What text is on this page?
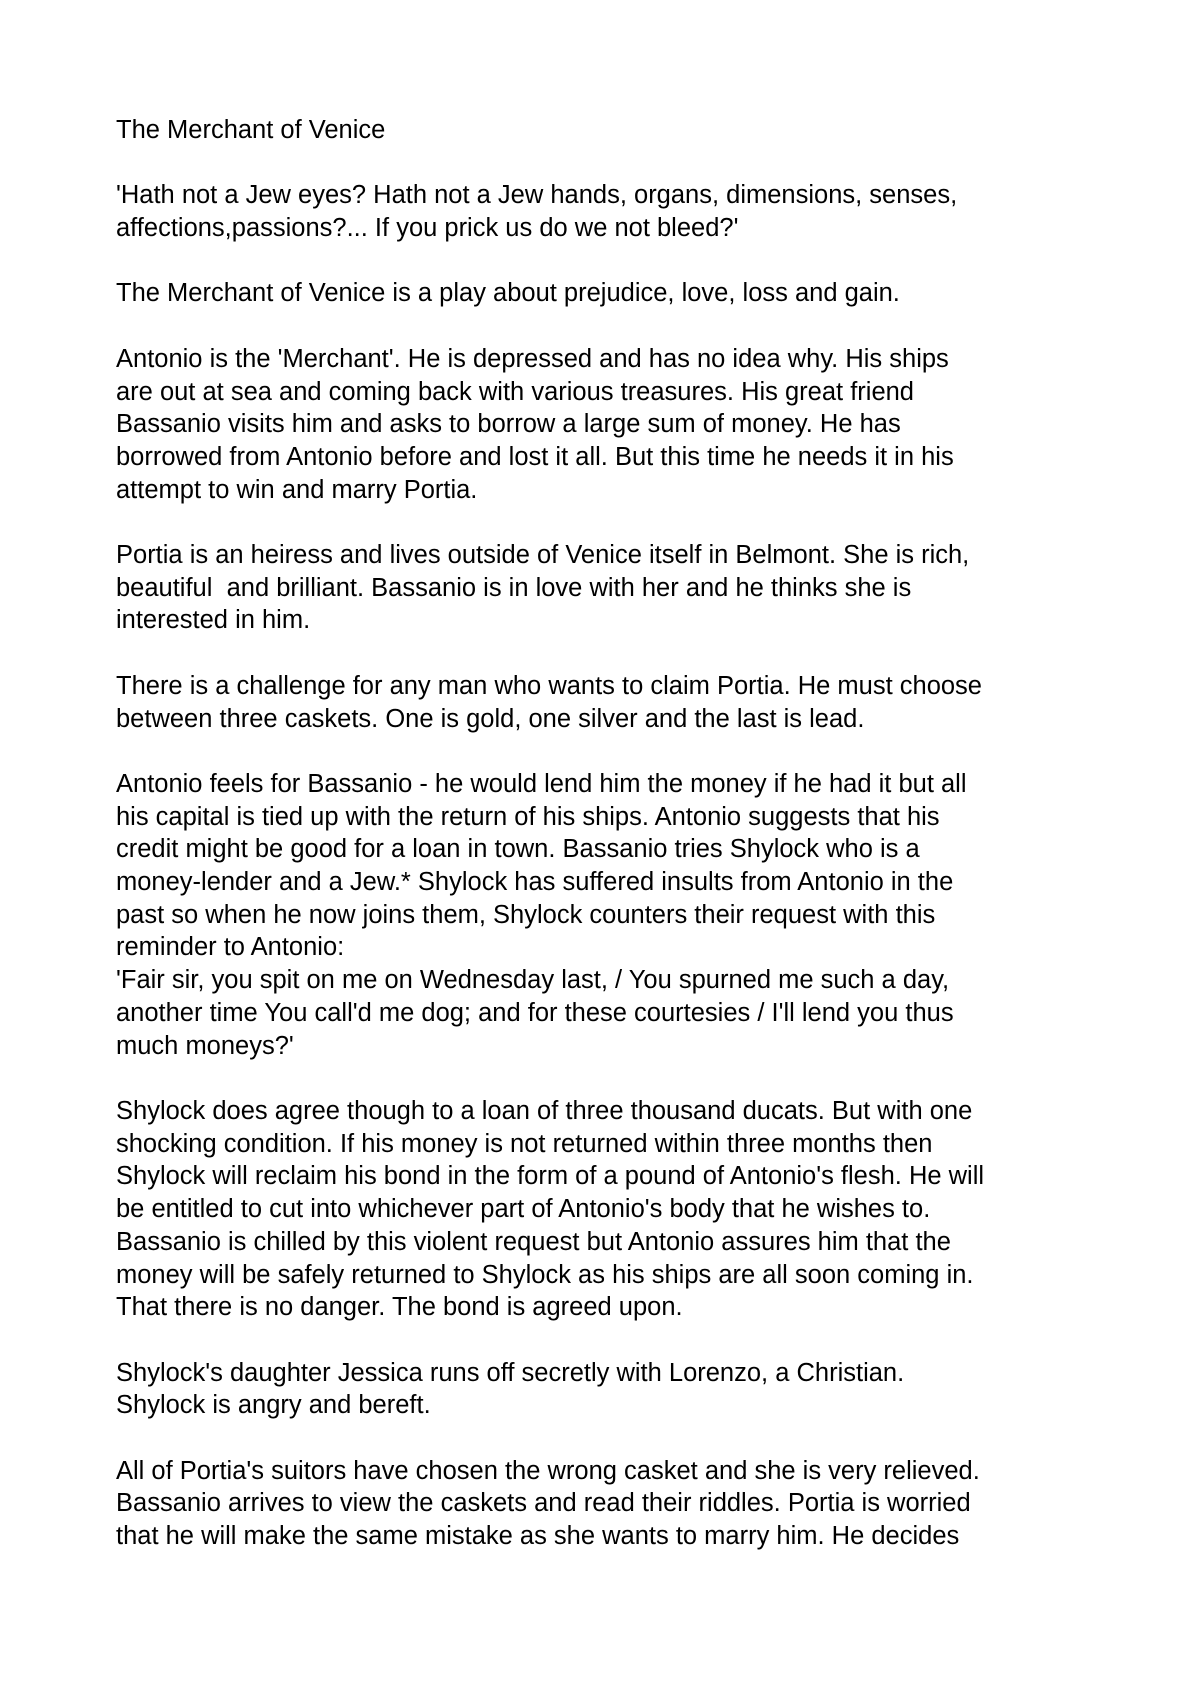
The Merchant of Venice

'Hath not a Jew eyes? Hath not a Jew hands, organs, dimensions, senses,
affections,passions?... If you prick us do we not bleed?'

The Merchant of Venice is a play about prejudice, love, loss and gain.

Antonio is the 'Merchant'. He is depressed and has no idea why. His ships
are out at sea and coming back with various treasures. His great friend
Bassanio visits him and asks to borrow a large sum of money. He has
borrowed from Antonio before and lost it all. But this time he needs it in his
attempt to win and marry Portia.

Portia is an heiress and lives outside of Venice itself in Belmont. She is rich,
beautiful  and brilliant. Bassanio is in love with her and he thinks she is
interested in him.

There is a challenge for any man who wants to claim Portia. He must choose
between three caskets. One is gold, one silver and the last is lead.

Antonio feels for Bassanio - he would lend him the money if he had it but all
his capital is tied up with the return of his ships. Antonio suggests that his
credit might be good for a loan in town. Bassanio tries Shylock who is a
money-lender and a Jew.* Shylock has suffered insults from Antonio in the
past so when he now joins them, Shylock counters their request with this
reminder to Antonio:
'Fair sir, you spit on me on Wednesday last, / You spurned me such a day,
another time You call'd me dog; and for these courtesies / I'll lend you thus
much moneys?'

Shylock does agree though to a loan of three thousand ducats. But with one
shocking condition. If his money is not returned within three months then
Shylock will reclaim his bond in the form of a pound of Antonio's flesh. He will
be entitled to cut into whichever part of Antonio's body that he wishes to.
Bassanio is chilled by this violent request but Antonio assures him that the
money will be safely returned to Shylock as his ships are all soon coming in.
That there is no danger. The bond is agreed upon.

Shylock's daughter Jessica runs off secretly with Lorenzo, a Christian.
Shylock is angry and bereft.

All of Portia's suitors have chosen the wrong casket and she is very relieved.
Bassanio arrives to view the caskets and read their riddles. Portia is worried
that he will make the same mistake as she wants to marry him. He decides
